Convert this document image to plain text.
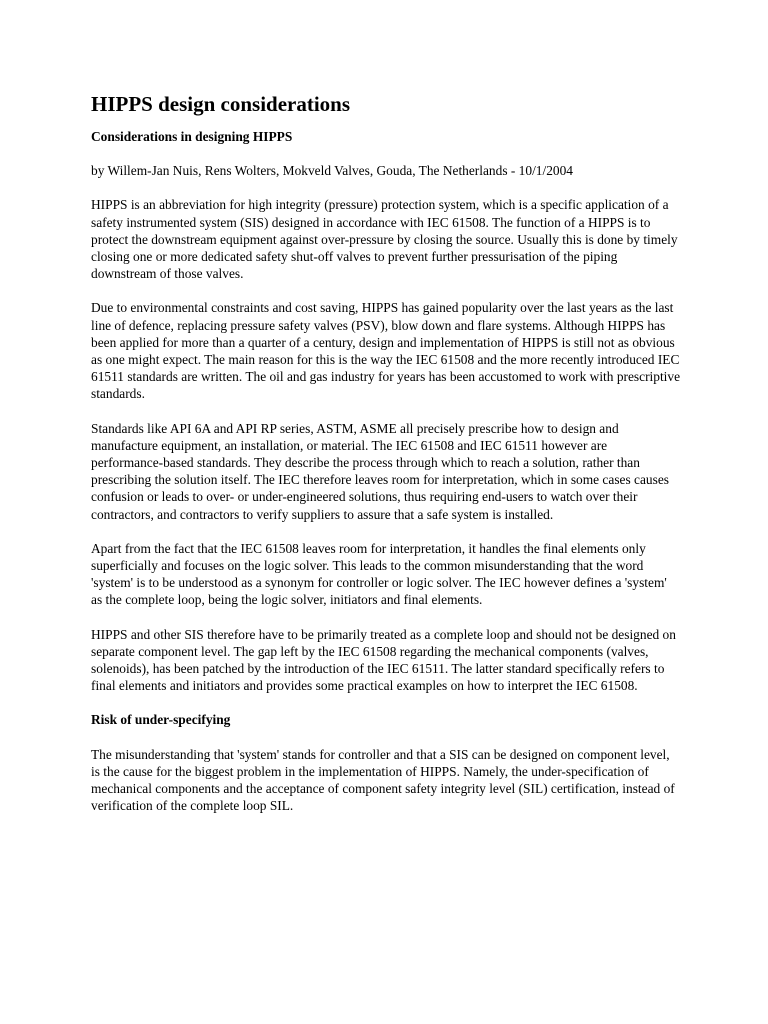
HIPPS design considerations

Considerations in designing HIPPS

by Willem-Jan Nuis, Rens Wolters, Mokveld Valves, Gouda, The Netherlands - 10/1/2004

HIPPS is an abbreviation for high integrity (pressure) protection system, which is a specific application of a safety instrumented system (SIS) designed in accordance with IEC 61508. The function of a HIPPS is to protect the downstream equipment against over-pressure by closing the source. Usually this is done by timely closing one or more dedicated safety shut-off valves to prevent further pressurisation of the piping downstream of those valves.

Due to environmental constraints and cost saving, HIPPS has gained popularity over the last years as the last line of defence, replacing pressure safety valves (PSV), blow down and flare systems. Although HIPPS has been applied for more than a quarter of a century, design and implementation of HIPPS is still not as obvious as one might expect. The main reason for this is the way the IEC 61508 and the more recently introduced IEC 61511 standards are written. The oil and gas industry for years has been accustomed to work with prescriptive standards.

Standards like API 6A and API RP series, ASTM, ASME all precisely prescribe how to design and manufacture equipment, an installation, or material. The IEC 61508 and IEC 61511 however are performance-based standards. They describe the process through which to reach a solution, rather than prescribing the solution itself. The IEC therefore leaves room for interpretation, which in some cases causes confusion or leads to over- or under-engineered solutions, thus requiring end-users to watch over their contractors, and contractors to verify suppliers to assure that a safe system is installed.

Apart from the fact that the IEC 61508 leaves room for interpretation, it handles the final elements only superficially and focuses on the logic solver. This leads to the common misunderstanding that the word 'system' is to be understood as a synonym for controller or logic solver. The IEC however defines a 'system' as the complete loop, being the logic solver, initiators and final elements.

HIPPS and other SIS therefore have to be primarily treated as a complete loop and should not be designed on separate component level. The gap left by the IEC 61508 regarding the mechanical components (valves, solenoids), has been patched by the introduction of the IEC 61511. The latter standard specifically refers to final elements and initiators and provides some practical examples on how to interpret the IEC 61508.

Risk of under-specifying

The misunderstanding that 'system' stands for controller and that a SIS can be designed on component level, is the cause for the biggest problem in the implementation of HIPPS. Namely, the under-specification of mechanical components and the acceptance of component safety integrity level (SIL) certification, instead of verification of the complete loop SIL.
